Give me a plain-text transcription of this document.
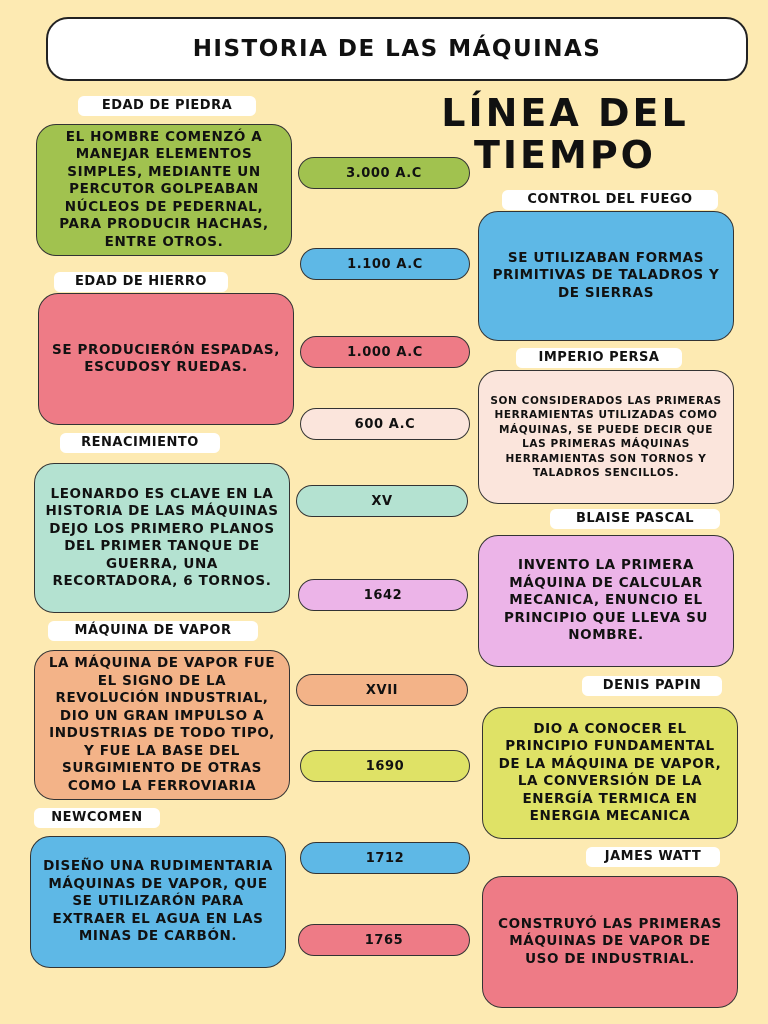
HISTORIA DE LAS MÁQUINAS
LÍNEA DEL
TIEMPO
EDAD DE PIEDRA
EL HOMBRE COMENZÓ A MANEJAR ELEMENTOS SIMPLES, MEDIANTE UN PERCUTOR GOLPEABAN NÚCLEOS DE PEDERNAL, PARA PRODUCIR HACHAS, ENTRE OTROS.
3.000 A.C
CONTROL DEL FUEGO
SE UTILIZABAN FORMAS PRIMITIVAS DE TALADROS Y DE SIERRAS
1.100 A.C
EDAD DE HIERRO
SE PRODUCIERÓN ESPADAS, ESCUDOSY RUEDAS.
1.000 A.C	IMPERIO PERSA
SON CONSIDERADOS LAS PRIMERAS HERRAMIENTAS UTILIZADAS COMO MÁQUINAS, SE PUEDE DECIR QUE LAS PRIMERAS MÁQUINAS HERRAMIENTAS SON TORNOS Y TALADROS SENCILLOS.
600 A.C
RENACIMIENTO
LEONARDO ES CLAVE EN LA HISTORIA DE LAS MÁQUINAS DEJO LOS PRIMERO PLANOS DEL PRIMER TANQUE DE GUERRA, UNA RECORTADORA, 6 TORNOS.
XV
BLAISE PASCAL
INVENTO LA PRIMERA MÁQUINA DE CALCULAR MECANICA, ENUNCIO EL PRINCIPIO QUE LLEVA SU NOMBRE.
1642
MÁQUINA DE VAPOR
LA MÁQUINA DE VAPOR FUE EL SIGNO DE LA REVOLUCIÓN INDUSTRIAL, DIO UN GRAN IMPULSO A INDUSTRIAS DE TODO TIPO, Y FUE LA BASE DEL SURGIMIENTO DE OTRAS COMO LA FERROVIARIA
XVII	DENIS PAPIN
DIO A CONOCER EL PRINCIPIO FUNDAMENTAL DE LA MÁQUINA DE VAPOR, LA CONVERSIÓN DE LA ENERGÍA TERMICA EN ENERGIA MECANICA
1690
NEWCOMEN
DISEÑO UNA RUDIMENTARIA MÁQUINAS DE VAPOR, QUE SE UTILIZARÓN PARA EXTRAER EL AGUA EN LAS MINAS DE CARBÓN.
1712	JAMES WATT
CONSTRUYÓ LAS PRIMERAS MÁQUINAS DE VAPOR DE USO DE INDUSTRIAL.
1765
